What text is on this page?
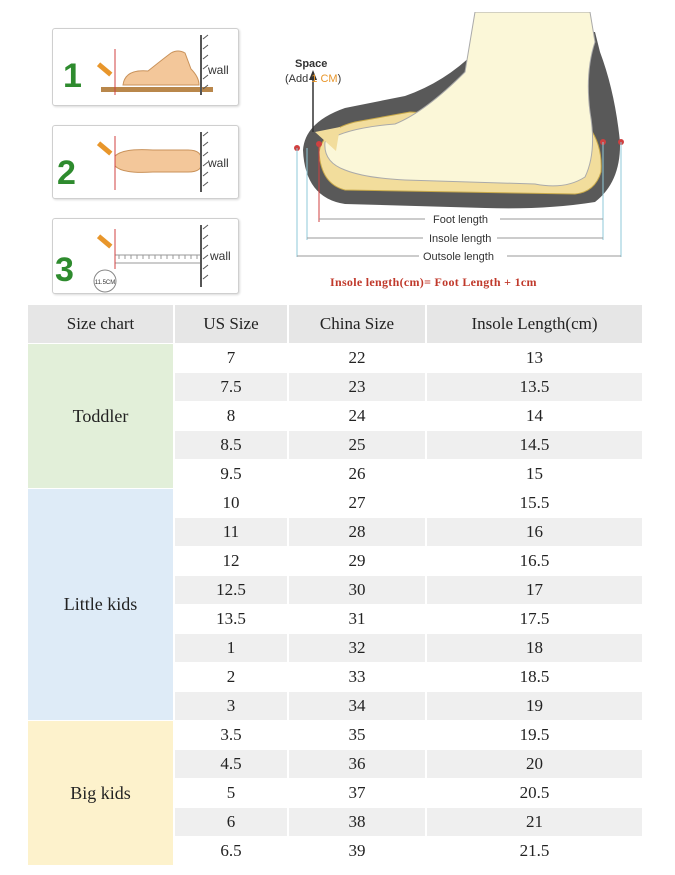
1	wall
2	wall
3	11.5CM
wall
Space
(Add 1 CM)
Foot length
Insole length
Outsole length
Insole length(cm)= Foot Length + 1cm
Size chart	US Size	China Size	Insole Length(cm)
Toddler	7	22	13
	7.5	23	13.5
	8	24	14
	8.5	25	14.5
	9.5	26	15
Little kids	10	27	15.5
	11	28	16
	12	29	16.5
	12.5	30	17
	13.5	31	17.5
	1	32	18
	2	33	18.5
	3	34	19
Big kids	3.5	35	19.5
	4.5	36	20
	5	37	20.5
	6	38	21
	6.5	39	21.5
